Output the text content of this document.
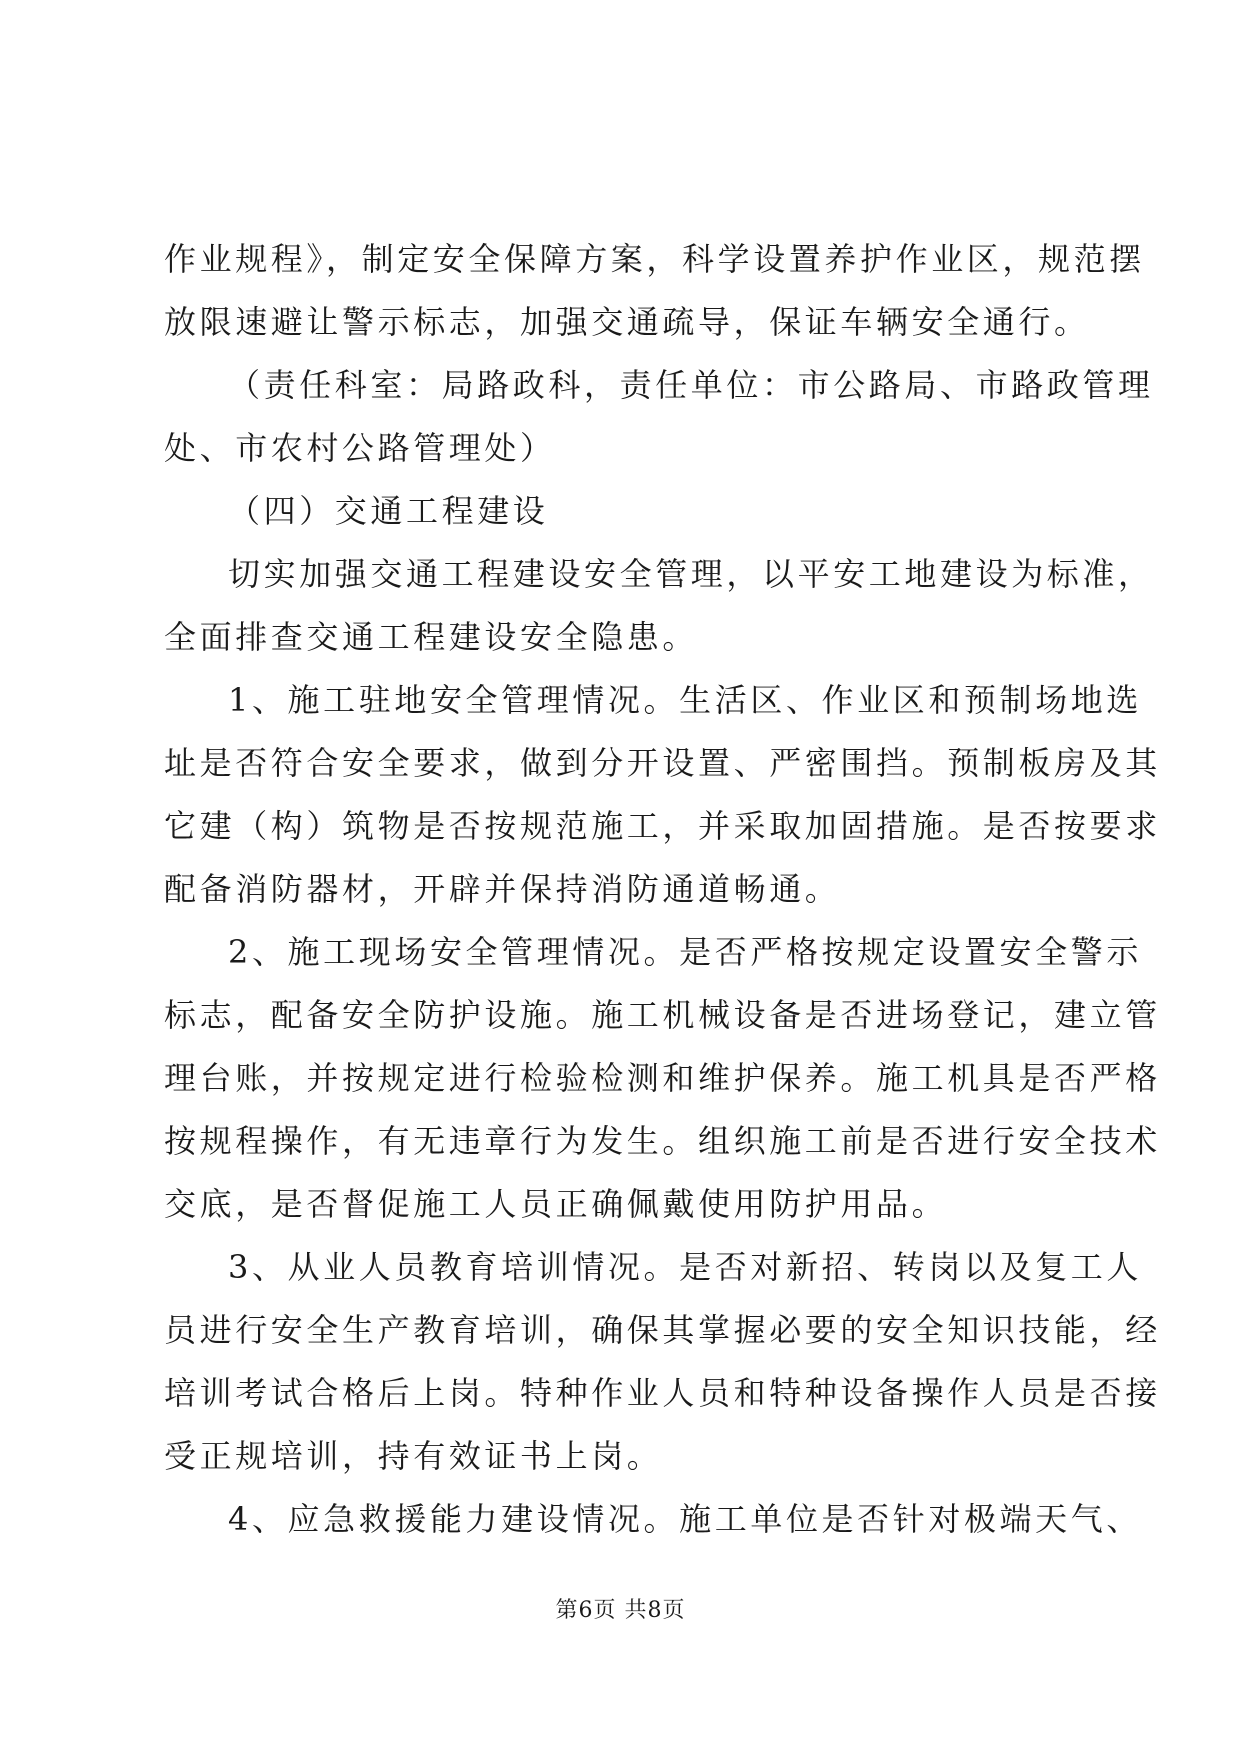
作业规程》，制定安全保障方案，科学设置养护作业区，规范摆
放限速避让警示标志，加强交通疏导，保证车辆安全通行。
（责任科室：局路政科，责任单位：市公路局、市路政管理
处、市农村公路管理处）
（四）交通工程建设
切实加强交通工程建设安全管理，以平安工地建设为标准，
全面排查交通工程建设安全隐患。
1、施工驻地安全管理情况。生活区、作业区和预制场地选
址是否符合安全要求，做到分开设置、严密围挡。预制板房及其
它建（构）筑物是否按规范施工，并采取加固措施。是否按要求
配备消防器材，开辟并保持消防通道畅通。
2、施工现场安全管理情况。是否严格按规定设置安全警示
标志，配备安全防护设施。施工机械设备是否进场登记，建立管
理台账，并按规定进行检验检测和维护保养。施工机具是否严格
按规程操作，有无违章行为发生。组织施工前是否进行安全技术
交底，是否督促施工人员正确佩戴使用防护用品。
3、从业人员教育培训情况。是否对新招、转岗以及复工人
员进行安全生产教育培训，确保其掌握必要的安全知识技能，经
培训考试合格后上岗。特种作业人员和特种设备操作人员是否接
受正规培训，持有效证书上岗。
4、应急救援能力建设情况。施工单位是否针对极端天气、
第6页 共8页
